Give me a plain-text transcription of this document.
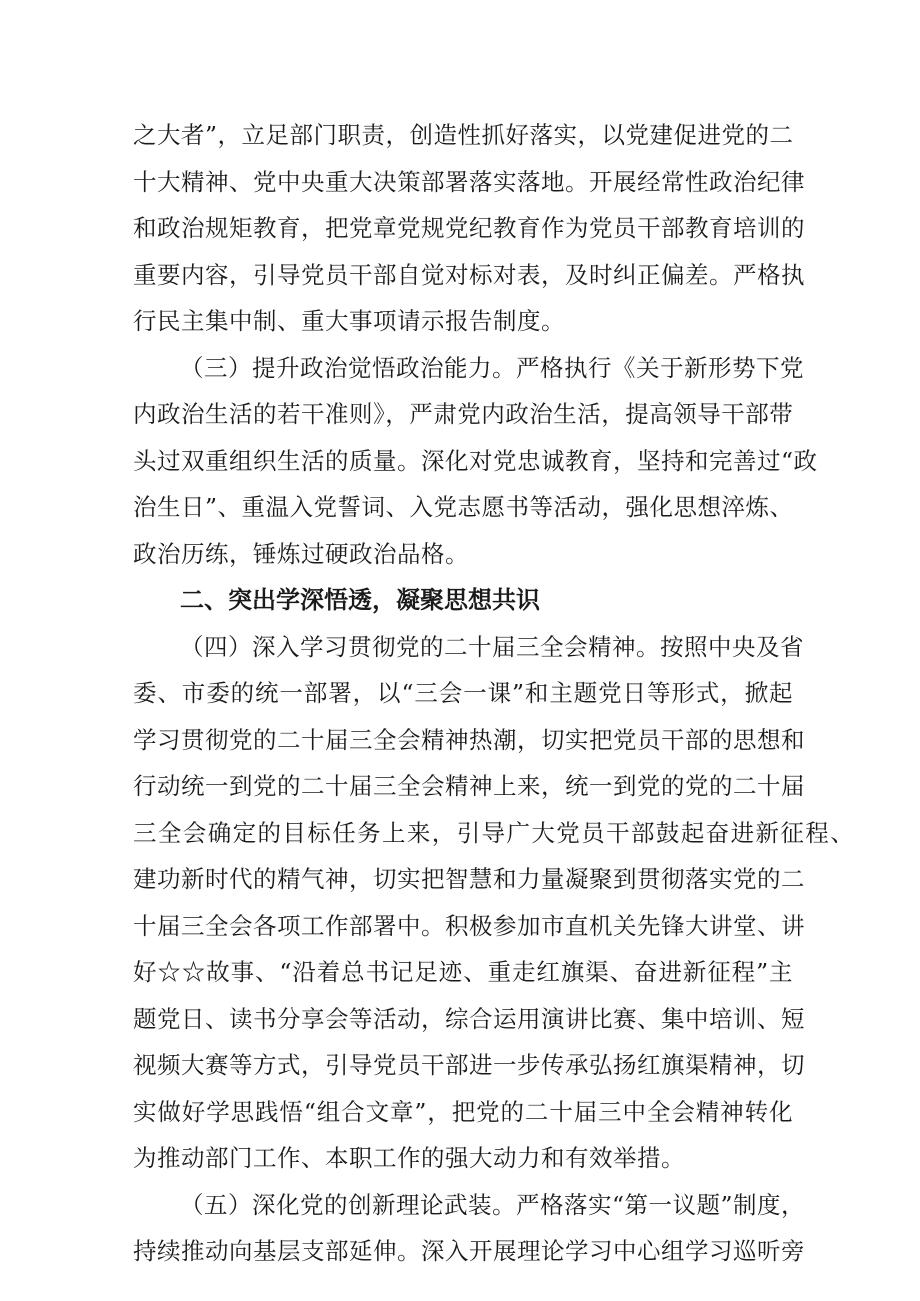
之大者”，立足部门职责，创造性抓好落实，以党建促进党的二
十大精神、党中央重大决策部署落实落地。开展经常性政治纪律
和政治规矩教育，把党章党规党纪教育作为党员干部教育培训的
重要内容，引导党员干部自觉对标对表，及时纠正偏差。严格执
行民主集中制、重大事项请示报告制度。
（三）提升政治觉悟政治能力。严格执行《关于新形势下党
内政治生活的若干准则》，严肃党内政治生活，提高领导干部带
头过双重组织生活的质量。深化对党忠诚教育，坚持和完善过“政
治生日”、重温入党誓词、入党志愿书等活动，强化思想淬炼、
政治历练，锤炼过硬政治品格。
二、突出学深悟透，凝聚思想共识
（四）深入学习贯彻党的二十届三全会精神。按照中央及省
委、市委的统一部署，以“三会一课”和主题党日等形式，掀起
学习贯彻党的二十届三全会精神热潮，切实把党员干部的思想和
行动统一到党的二十届三全会精神上来，统一到党的党的二十届
三全会确定的目标任务上来，引导广大党员干部鼓起奋进新征程、
建功新时代的精气神，切实把智慧和力量凝聚到贯彻落实党的二
十届三全会各项工作部署中。积极参加市直机关先锋大讲堂、讲
好☆☆故事、“沿着总书记足迹、重走红旗渠、奋进新征程”主
题党日、读书分享会等活动，综合运用演讲比赛、集中培训、短
视频大赛等方式，引导党员干部进一步传承弘扬红旗渠精神，切
实做好学思践悟“组合文章”，把党的二十届三中全会精神转化
为推动部门工作、本职工作的强大动力和有效举措。
（五）深化党的创新理论武装。严格落实“第一议题”制度，
持续推动向基层支部延伸。深入开展理论学习中心组学习巡听旁
